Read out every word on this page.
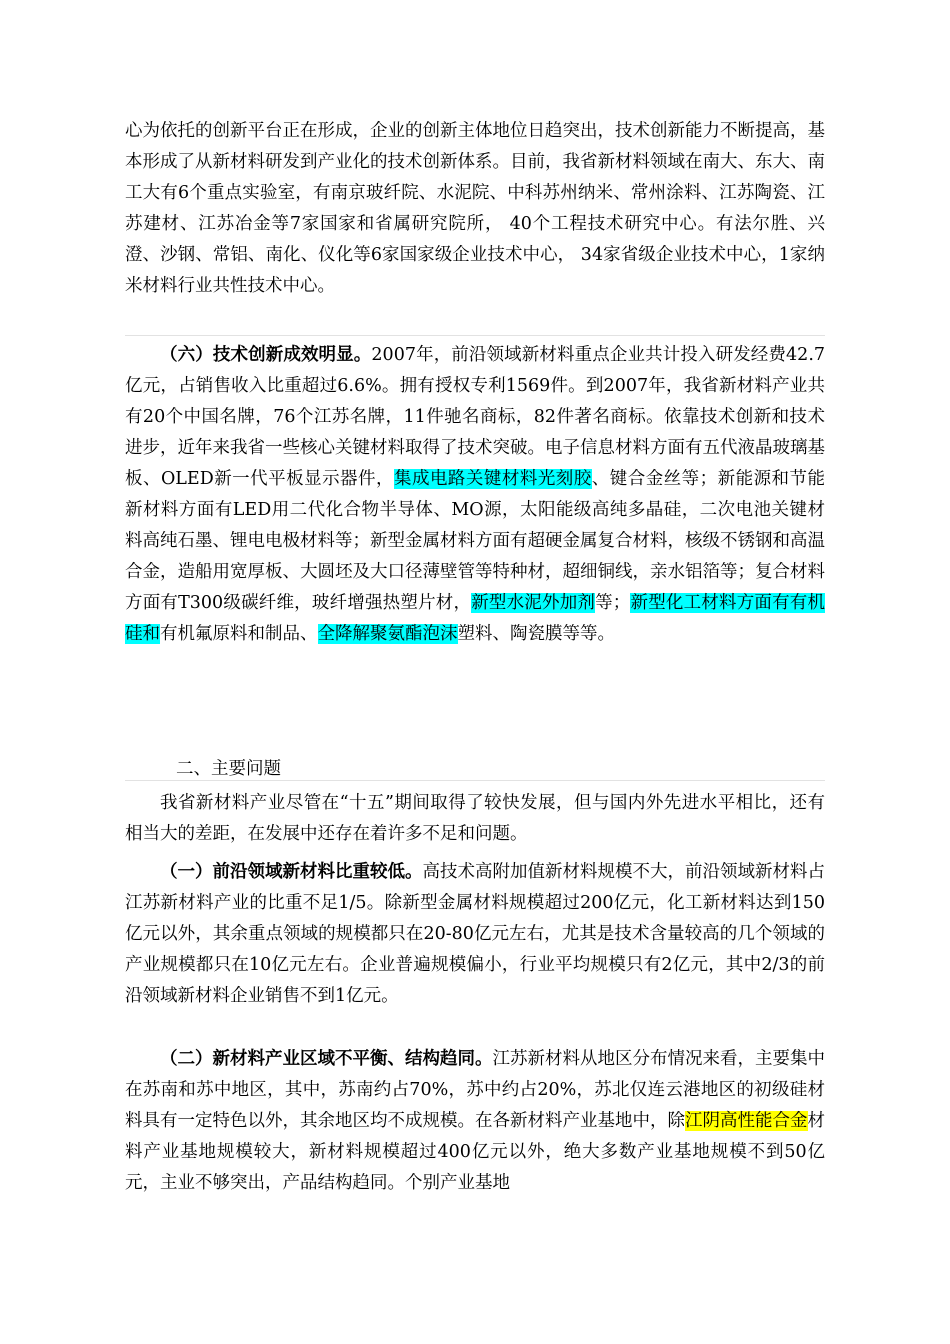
心为依托的创新平台正在形成，企业的创新主体地位日趋突出，技术创新能力不断提高，基本形成了从新材料研发到产业化的技术创新体系。目前，我省新材料领域在南大、东大、南工大有6个重点实验室，有南京玻纤院、水泥院、中科苏州纳米、常州涂料、江苏陶瓷、江苏建材、江苏冶金等7家国家和省属研究院所， 40个工程技术研究中心。有法尔胜、兴澄、沙钢、常铝、南化、仪化等6家国家级企业技术中心， 34家省级企业技术中心，1家纳米材料行业共性技术中心。

（六）技术创新成效明显。2007年，前沿领域新材料重点企业共计投入研发经费42.7亿元，占销售收入比重超过6.6%。拥有授权专利1569件。到2007年，我省新材料产业共有20个中国名牌，76个江苏名牌，11件驰名商标，82件著名商标。依靠技术创新和技术进步，近年来我省一些核心关键材料取得了技术突破。电子信息材料方面有五代液晶玻璃基板、OLED新一代平板显示器件，集成电路关键材料光刻胶、键合金丝等；新能源和节能新材料方面有LED用二代化合物半导体、MO源，太阳能级高纯多晶硅，二次电池关键材料高纯石墨、锂电电极材料等；新型金属材料方面有超硬金属复合材料，核级不锈钢和高温合金，造船用宽厚板、大圆坯及大口径薄壁管等特种材，超细铜线，亲水铝箔等；复合材料方面有T300级碳纤维，玻纤增强热塑片材，新型水泥外加剂等；新型化工材料方面有有机硅和有机氟原料和制品、全降解聚氨酯泡沫塑料、陶瓷膜等等。

二、主要问题

我省新材料产业尽管在“十五”期间取得了较快发展，但与国内外先进水平相比，还有相当大的差距，在发展中还存在着许多不足和问题。

（一）前沿领域新材料比重较低。高技术高附加值新材料规模不大，前沿领域新材料占江苏新材料产业的比重不足1/5。除新型金属材料规模超过200亿元，化工新材料达到150亿元以外，其余重点领域的规模都只在20-80亿元左右，尤其是技术含量较高的几个领域的产业规模都只在10亿元左右。企业普遍规模偏小，行业平均规模只有2亿元，其中2/3的前沿领域新材料企业销售不到1亿元。

（二）新材料产业区域不平衡、结构趋同。江苏新材料从地区分布情况来看，主要集中在苏南和苏中地区，其中，苏南约占70%，苏中约占20%，苏北仅连云港地区的初级硅材料具有一定特色以外，其余地区均不成规模。在各新材料产业基地中，除江阴高性能合金材料产业基地规模较大，新材料规模超过400亿元以外，绝大多数产业基地规模不到50亿元，主业不够突出，产品结构趋同。个别产业基地
